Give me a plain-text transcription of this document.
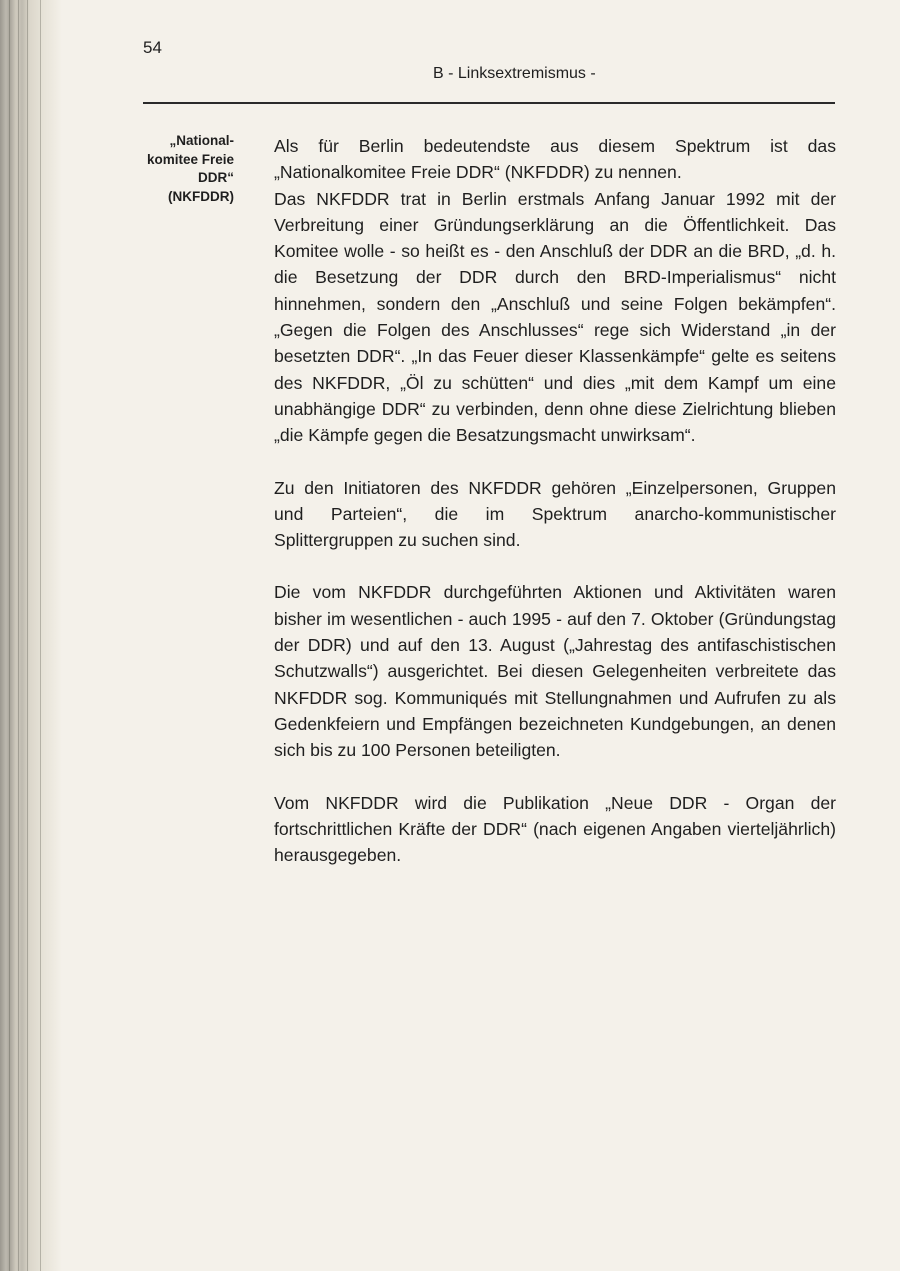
54
B - Linksextremismus -
„National-
komitee Freie
DDR“
(NKFDDR)

Als für Berlin bedeutendste aus diesem Spektrum ist das „Nationalkomitee Freie DDR“ (NKFDDR) zu nennen.

Das NKFDDR trat in Berlin erstmals Anfang Januar 1992 mit der Verbreitung einer Gründungserklärung an die Öffentlichkeit. Das Komitee wolle - so heißt es - den Anschluß der DDR an die BRD, „d. h. die Besetzung der DDR durch den BRD-Imperialismus“ nicht hinnehmen, sondern den „Anschluß und seine Folgen bekämpfen“. „Gegen die Folgen des Anschlusses“ rege sich Widerstand „in der besetzten DDR“. „In das Feuer dieser Klassenkämpfe“ gelte es seitens des NKFDDR, „Öl zu schütten“ und dies „mit dem Kampf um eine unabhängige DDR“ zu verbinden, denn ohne diese Zielrichtung blieben „die Kämpfe gegen die Besatzungsmacht unwirksam“.

Zu den Initiatoren des NKFDDR gehören „Einzelpersonen, Gruppen und Parteien“, die im Spektrum anarcho-kommunistischer Splittergruppen zu suchen sind.

Die vom NKFDDR durchgeführten Aktionen und Aktivitäten waren bisher im wesentlichen - auch 1995 - auf den 7. Oktober (Gründungstag der DDR) und auf den 13. August („Jahrestag des antifaschistischen Schutzwalls“) ausgerichtet. Bei diesen Gelegenheiten verbreitete das NKFDDR sog. Kommuniqués mit Stellungnahmen und Aufrufen zu als Gedenkfeiern und Empfängen bezeichneten Kundgebungen, an denen sich bis zu 100 Personen beteiligten.

Vom NKFDDR wird die Publikation „Neue DDR - Organ der fortschrittlichen Kräfte der DDR“ (nach eigenen Angaben vierteljährlich) herausgegeben.
